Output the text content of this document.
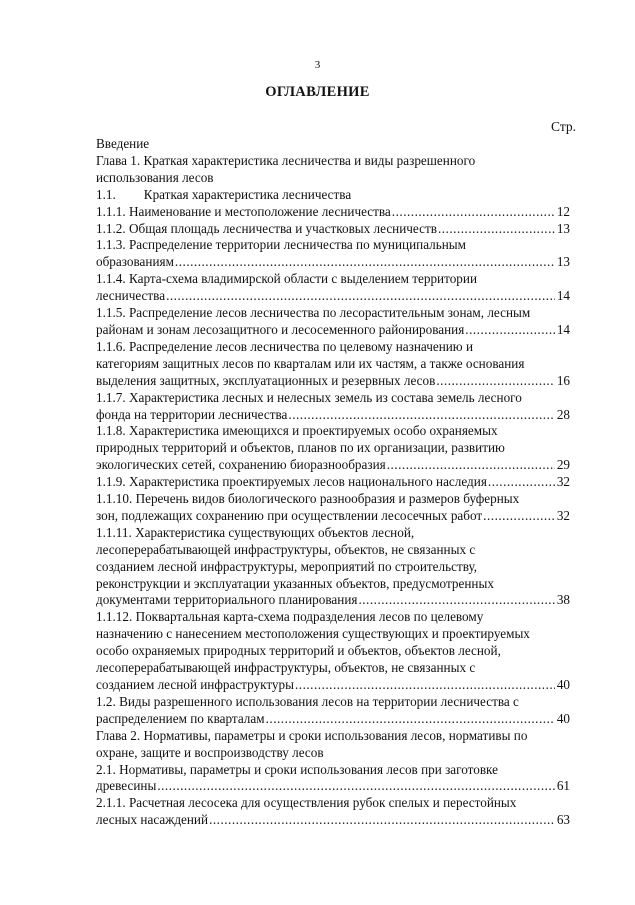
3
ОГЛАВЛЕНИЕ
Стр.
Введение
Глава 1. Краткая характеристика лесничества и виды разрешенного
использования лесов
1.1. Краткая характеристика лесничества
1.1.1. Наименование и местоположение лесничества .....	12
1.1.2. Общая площадь лесничества и участковых лесничеств .....	13
1.1.3. Распределение территории лесничества по муниципальным
образованиям .....	13
1.1.4. Карта-схема владимирской области с выделением территории
лесничества .....	14
1.1.5. Распределение лесов лесничества по лесорастительным зонам, лесным
районам и зонам лесозащитного и лесосеменного районирования .....	14
1.1.6. Распределение лесов лесничества по целевому назначению и
категориям защитных лесов по кварталам или их частям, а также основания
выделения защитных, эксплуатационных и резервных лесов .....	16
1.1.7. Характеристика лесных и нелесных земель из состава земель лесного
фонда на территории лесничества .....	28
1.1.8. Характеристика имеющихся и проектируемых особо охраняемых
природных территорий и объектов, планов по их организации, развитию
экологических сетей, сохранению биоразнообразия .....	29
1.1.9. Характеристика проектируемых лесов национального наследия .....	32
1.1.10. Перечень видов биологического разнообразия и размеров буферных
зон, подлежащих сохранению при осуществлении лесосечных работ .....	32
1.1.11. Характеристика существующих объектов лесной,
лесоперерабатывающей инфраструктуры, объектов, не связанных с
созданием лесной инфраструктуры, мероприятий по строительству,
реконструкции и эксплуатации указанных объектов, предусмотренных
документами территориального планирования .....	38
1.1.12. Поквартальная карта-схема подразделения лесов по целевому
назначению с нанесением местоположения существующих и проектируемых
особо охраняемых природных территорий и объектов, объектов лесной,
лесоперерабатывающей инфраструктуры, объектов, не связанных с
созданием лесной инфраструктуры .....	40
1.2. Виды разрешенного использования лесов на территории лесничества с
распределением по кварталам .....	40
Глава 2. Нормативы, параметры и сроки использования лесов, нормативы по
охране, защите и воспроизводству лесов
2.1. Нормативы, параметры и сроки использования лесов при заготовке
древесины .....	61
2.1.1. Расчетная лесосека для осуществления рубок спелых и перестойных
лесных насаждений .....	63
